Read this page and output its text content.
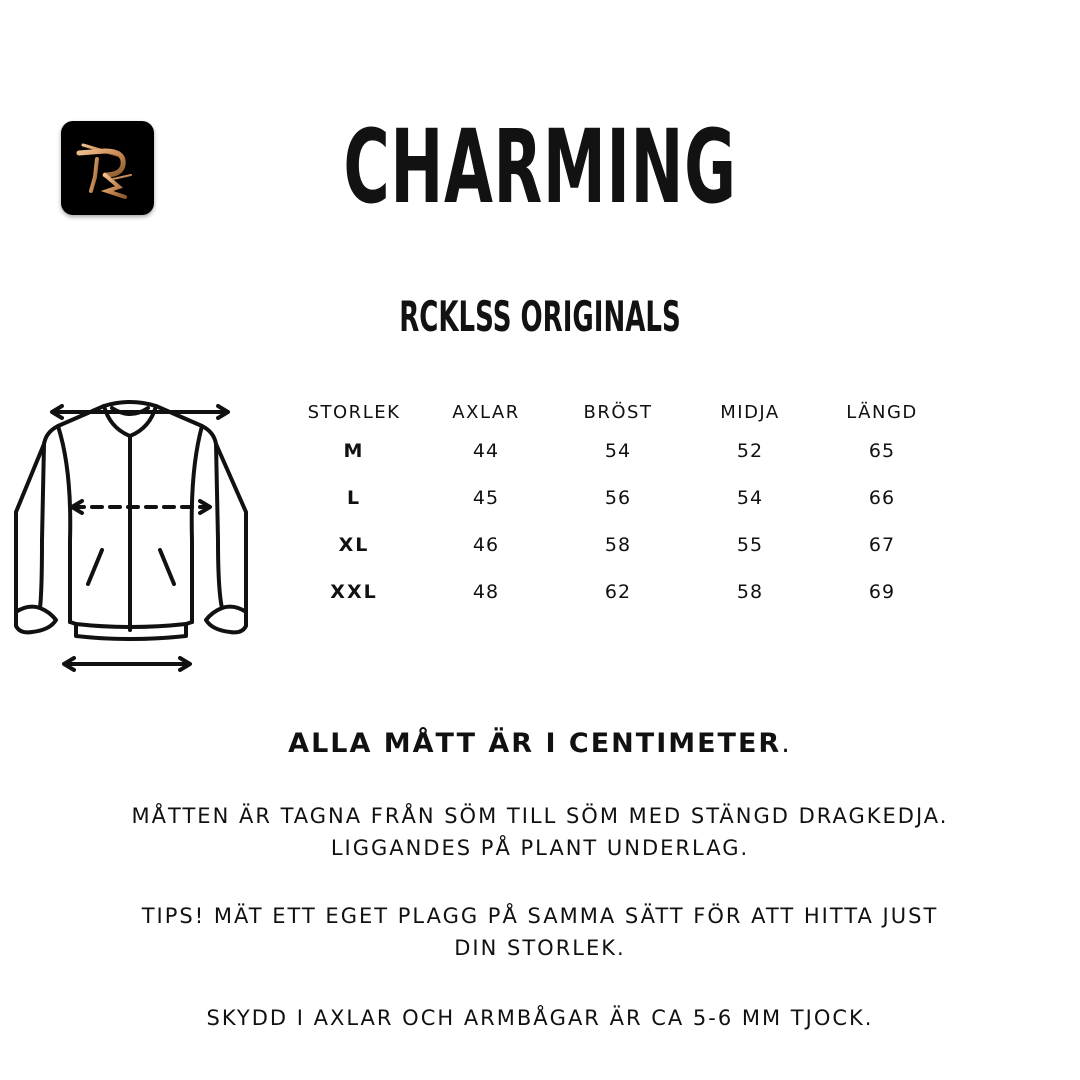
CHARMING
RCKLSS ORIGINALS
STORLEK	AXLAR	BRÖST	MIDJA	LÄNGD
M	44	54	52	65
L	45	56	54	66
XL	46	58	55	67
XXL	48	62	58	69
ALLA MÅTT ÄR I CENTIMETER.
MÅTTEN ÄR TAGNA FRÅN SÖM TILL SÖM MED STÄNGD DRAGKEDJA.
LIGGANDES PÅ PLANT UNDERLAG.
TIPS! MÄT ETT EGET PLAGG PÅ SAMMA SÄTT FÖR ATT HITTA JUST
DIN STORLEK.
SKYDD I AXLAR OCH ARMBÅGAR ÄR CA 5-6 MM TJOCK.
